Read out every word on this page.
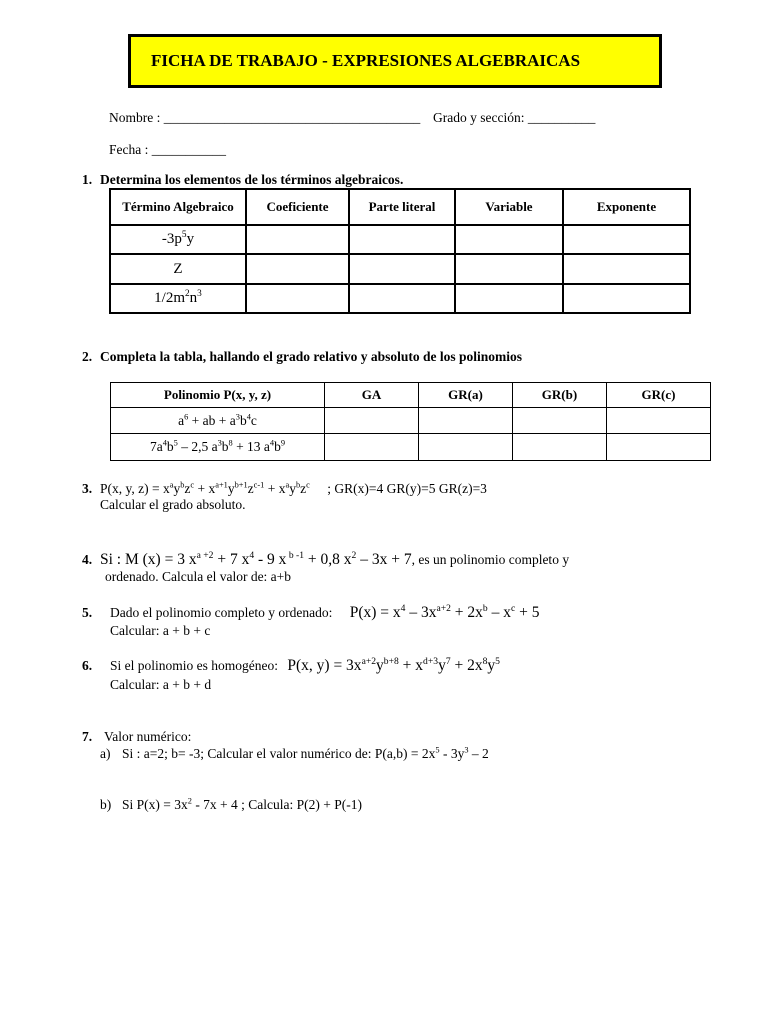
FICHA DE TRABAJO - EXPRESIONES ALGEBRAICAS
Nombre : ______________________________________ Grado y sección: __________
Fecha : ___________
1. Determina los elementos de los términos algebraicos.
Término Algebraico	Coeficiente	Parte literal	Variable	Exponente
$-3p^5y$				
Z				
$1/2m^2n^3$				
2. Completa la tabla, hallando el grado relativo y absoluto de los polinomios
Polinomio P(x, y, z)	GA	GR(a)	GR(b)	GR(c)
$a^6$ + ab + $a^3b^4c$				
$7a^4b^5 - 2,5$ $a^3b^8 + 13$ $a^4b^9$				
3. P(x, y, $z) = x^ay^bz^c + x^{a+1}y^{b+1}z^{c-1} + x^ay^bz^c$ ; GR(x)=4 GR(y)=5 GR(z)=3
Calcular el grado absoluto.
4. Si : M (x) = 3 $x^{a +2} + 7$ $x^4 - 9$ x $^{b -1}$ + 0,8 $x^2 - 3x + 7$, es un polinomio completo y
ordenado. Calcula el valor de: a+b
5. Dado el polinomio completo y ordenado: $P(x) = x^4 - 3x^{a+2} + 2x^b - x^c + 5$
Calcular: a + b + c
6. Si el polinomio es homogéneo: P(x, $y) = 3x^{a+2}y^{b+8} + x^{d+3}y^7 + 2x^8y^5$
Calcular: a + b + d
7. Valor numérico:
a) Si : a=2; b= -3; Calcular el valor numérico de: $P(a,b) = 2x^5 - 3y^3 - 2$
b) Si $P(x) = 3x^2 - 7x + 4$ ; Calcula: P(2) + P(-1)
